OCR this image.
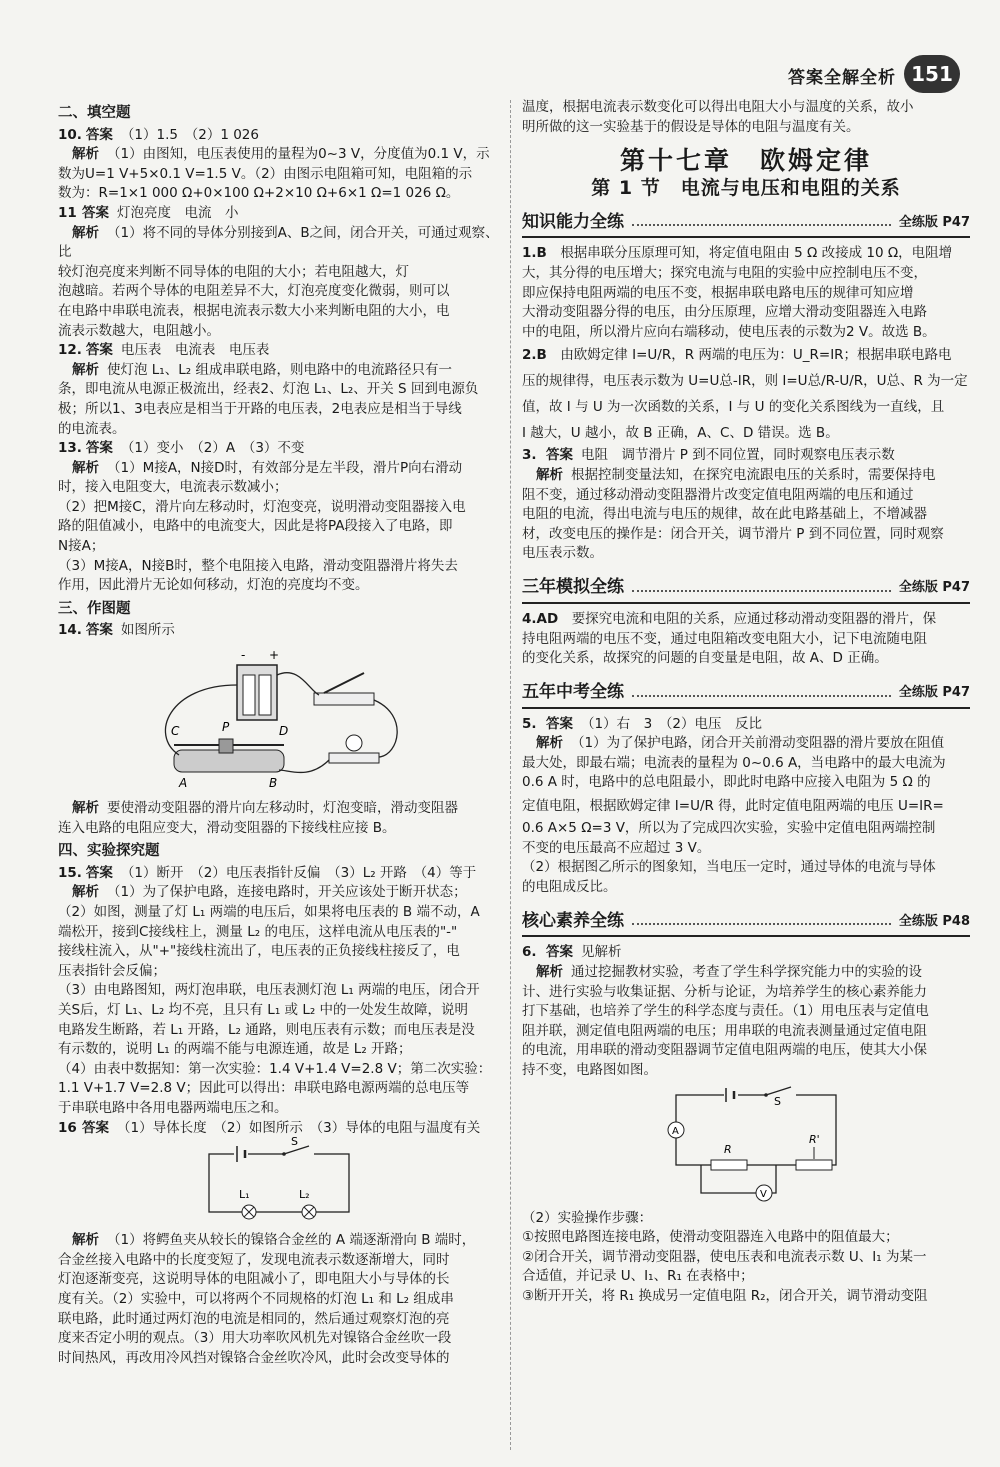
答案全解全析 151
二、填空题
10. 答案 （1）1.5　（2）1 026
解析 （1）由图知，电压表使用的量程为0~3 V，分度值为0.1 V，示
数为U=1 V+5×0.1 V=1.5 V。（2）由图示电阻箱可知，电阻箱的示
数为：R=1×1 000 Ω+0×100 Ω+2×10 Ω+6×1 Ω=1 026 Ω。
11 答案 灯泡亮度　电流　小
解析 （1）将不同的导体分别接到A、B之间，闭合开关，可通过观察、比
较灯泡亮度来判断不同导体的电阻的大小；若电阻越大，灯
泡越暗。若两个导体的电阻差异不大，灯泡亮度变化微弱，则可以
在电路中串联电流表，根据电流表示数大小来判断电阻的大小，电
流表示数越大，电阻越小。
12. 答案 电压表　电流表　电压表
解析 使灯泡 L₁、L₂ 组成串联电路，则电路中的电流路径只有一
条，即电流从电源正极流出，经表2、灯泡 L₁、L₂、开关 S 回到电源负
极；所以1、3电表应是相当于开路的电压表，2电表应是相当于导线
的电流表。
13. 答案 （1）变小　（2）A　（3）不变
解析 （1）M接A，N接D时，有效部分是左半段，滑片P向右滑动
时，接入电阻变大，电流表示数减小；
（2）把M接C，滑片向左移动时，灯泡变亮，说明滑动变阻器接入电
路的阻值减小，电路中的电流变大，因此是将PA段接入了电路，即
N接A；
（3）M接A，N接B时，整个电阻接入电路，滑动变阻器滑片将失去
作用，因此滑片无论如何移动，灯泡的亮度均不变。
三、作图题
14. 答案 如图所示
- +
C	P	D
A	B
解析 要使滑动变阻器的滑片向左移动时，灯泡变暗，滑动变阻器
连入电路的电阻应变大，滑动变阻器的下接线柱应接 B。
四、实验探究题
15. 答案 （1）断开　（2）电压表指针反偏　（3）L₂ 开路　（4）等于
解析 （1）为了保护电路，连接电路时，开关应该处于断开状态；
（2）如图，测量了灯 L₁ 两端的电压后，如果将电压表的 B 端不动，A
端松开，接到C接线柱上，测量 L₂ 的电压，这样电流从电压表的"-"
接线柱流入，从"+"接线柱流出了，电压表的正负接线柱接反了，电
压表指针会反偏；
（3）由电路图知，两灯泡串联，电压表测灯泡 L₁ 两端的电压，闭合开
关S后，灯 L₁、L₂ 均不亮，且只有 L₁ 或 L₂ 中的一处发生故障，说明
电路发生断路，若 L₁ 开路，L₂ 通路，则电压表有示数；而电压表是没
有示数的，说明 L₁ 的两端不能与电源连通，故是 L₂ 开路；
（4）由表中数据知：第一次实验：1.4 V+1.4 V=2.8 V；第二次实验：
1.1 V+1.7 V=2.8 V；因此可以得出：串联电路电源两端的总电压等
于串联电路中各用电器两端电压之和。
16 答案 （1）导体长度　（2）如图所示　（3）导体的电阻与温度有关
S
L₁	L₂
解析 （1）将鳄鱼夹从较长的镍铬合金丝的 A 端逐渐滑向 B 端时，
合金丝接入电路中的长度变短了，发现电流表示数逐渐增大，同时
灯泡逐渐变亮，这说明导体的电阻减小了，即电阻大小与导体的长
度有关。（2）实验中，可以将两个不同规格的灯泡 L₁ 和 L₂ 组成串
联电路，此时通过两灯泡的电流是相同的，然后通过观察灯泡的亮
度来否定小明的观点。（3）用大功率吹风机先对镍铬合金丝吹一段
时间热风，再改用冷风挡对镍铬合金丝吹冷风，此时会改变导体的
温度，根据电流表示数变化可以得出电阻大小与温度的关系，故小
明所做的这一实验基于的假设是导体的电阻与温度有关。
第十七章　欧姆定律
第 1 节　电流与电压和电阻的关系
知识能力全练	全练版 P47
1.B　 根据串联分压原理可知，将定值电阻由 5 Ω 改接成 10 Ω，电阻增
大，其分得的电压增大；探究电流与电阻的实验中应控制电压不变，
即应保持电阻两端的电压不变，根据串联电路电压的规律可知应增
大滑动变阻器分得的电压，由分压原理，应增大滑动变阻器连入电路
中的电阻，所以滑片应向右端移动，使电压表的示数为2 V。故选 B。
2.B　 由欧姆定律 I=U/R，R 两端的电压为：U_R=IR；根据串联电路电
压的规律得，电压表示数为 U=U总-IR，则 I=U总/R-U/R，U总、R 为一定
值，故 I 与 U 为一次函数的关系，I 与 U 的变化关系图线为一直线，且
I 越大，U 越小，故 B 正确，A、C、D 错误。选 B。
3. 答案 电阻　调节滑片 P 到不同位置，同时观察电压表示数
解析 根据控制变量法知，在探究电流跟电压的关系时，需要保持电
阻不变，通过移动滑动变阻器滑片改变定值电阻两端的电压和通过
电阻的电流，得出电流与电压的规律，故在此电路基础上，不增减器
材，改变电压的操作是：闭合开关，调节滑片 P 到不同位置，同时观察
电压表示数。
三年模拟全练	全练版 P47
4.AD　 要探究电流和电阻的关系，应通过移动滑动变阻器的滑片，保
持电阻两端的电压不变，通过电阻箱改变电阻大小，记下电流随电阻
的变化关系，故探究的问题的自变量是电阻，故 A、D 正确。
五年中考全练	全练版 P47
5. 答案 （1）右　3　（2）电压　反比
解析 （1）为了保护电路，闭合开关前滑动变阻器的滑片要放在阻值
最大处，即最右端；电流表的量程为 0~0.6 A，当电路中的最大电流为
0.6 A 时，电路中的总电阻最小，即此时电路中应接入电阻为 5 Ω 的
定值电阻，根据欧姆定律 I=U/R 得，此时定值电阻两端的电压 U=IR=
0.6 A×5 Ω=3 V，所以为了完成四次实验，实验中定值电阻两端控制
不变的电压最高不应超过 3 V。
（2）根据图乙所示的图象知，当电压一定时，通过导体的电流与导体
的电阻成反比。
核心素养全练	全练版 P48
6. 答案 见解析
解析 通过挖掘教材实验，考查了学生科学探究能力中的实验的设
计、进行实验与收集证据、分析与论证，为培养学生的核心素养能力
打下基础，也培养了学生的科学态度与责任。（1）用电压表与定值电
阻并联，测定值电阻两端的电压；用串联的电流表测量通过定值电阻
的电流，用串联的滑动变阻器调节定值电阻两端的电压，使其大小保
持不变，电路图如图。
S
A
R
R'
V
（2）实验操作步骤：
①按照电路图连接电路，使滑动变阻器连入电路中的阻值最大；
②闭合开关，调节滑动变阻器，使电压表和电流表示数 U、I₁ 为某一
合适值，并记录 U、I₁、R₁ 在表格中；
③断开开关，将 R₁ 换成另一定值电阻 R₂，闭合开关，调节滑动变阻
